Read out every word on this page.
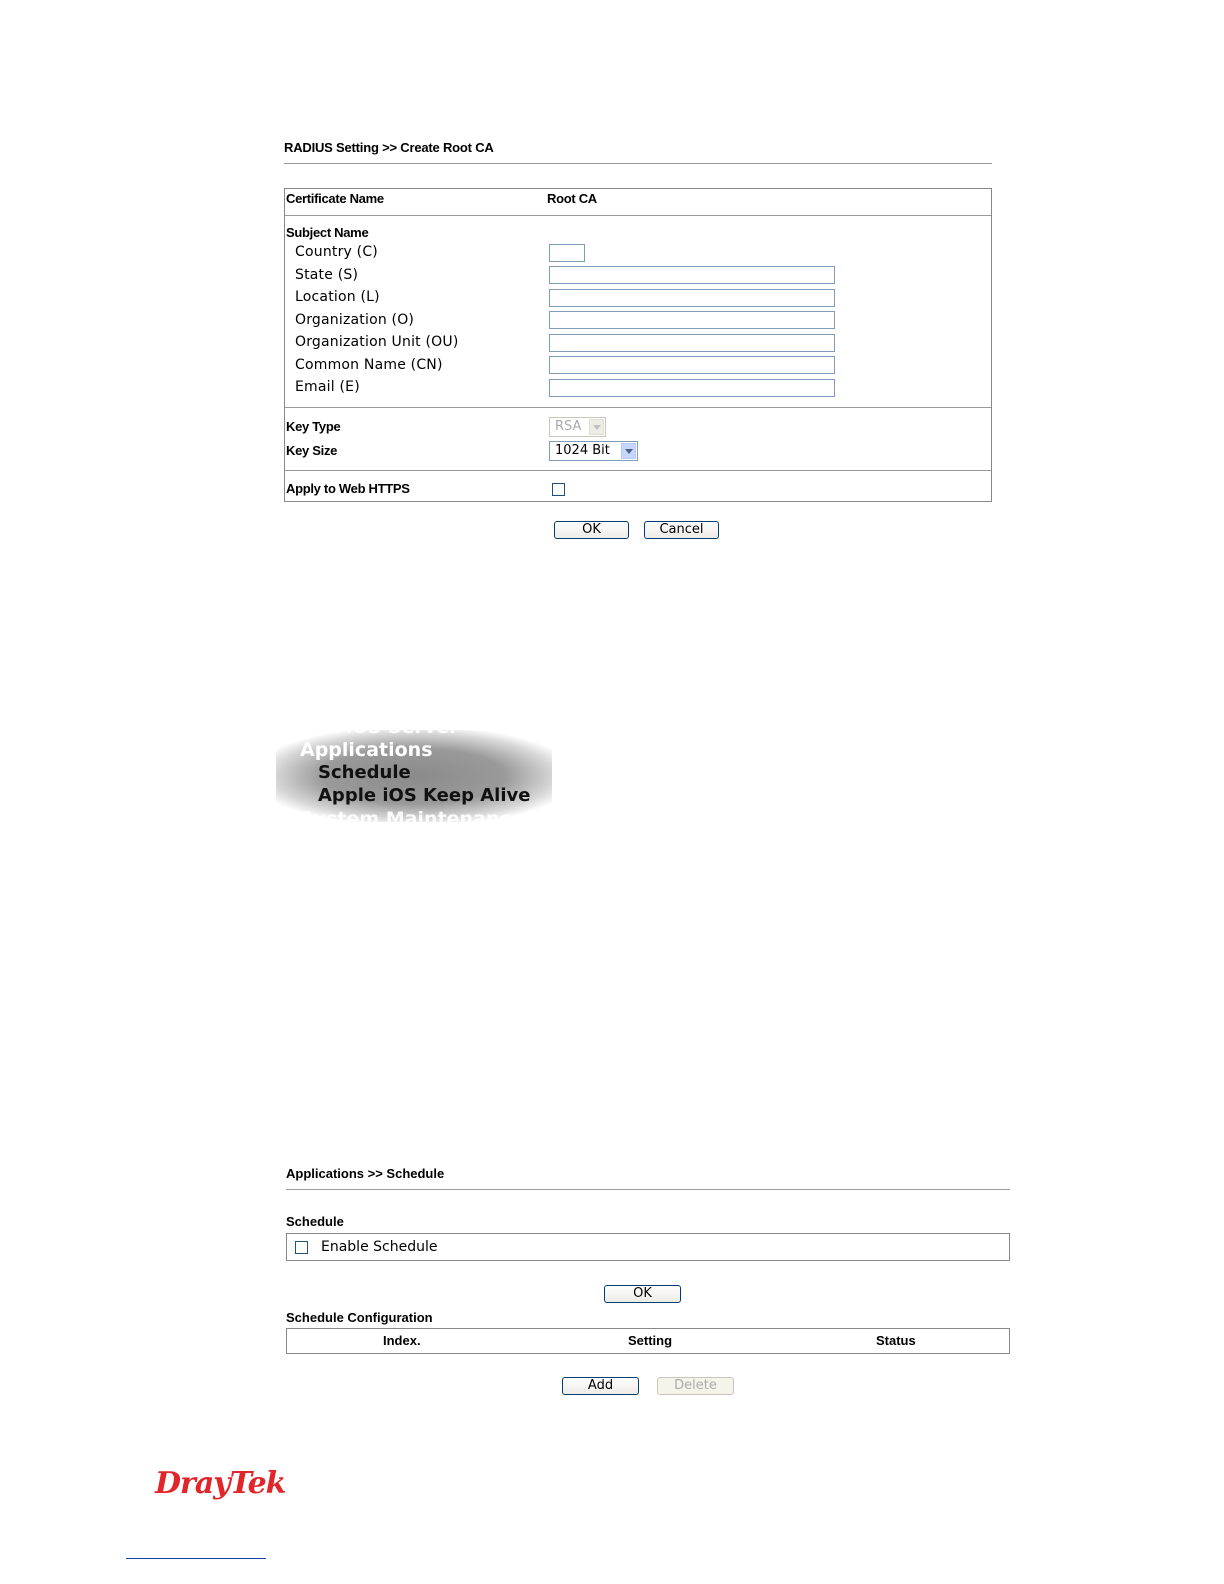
RADIUS Setting >> Create Root CA
Certificate Name	Root CA
Subject Name
Country (C)
State (S)
Location (L)
Organization (O)
Organization Unit (OU)
Common Name (CN)
Email (E)
Key Type	RSA
Key Size	1024 Bit
Apply to Web HTTPS
OK	Cancel
RADIUS Server
Applications
Schedule
Apple iOS Keep Alive
System Maintenance
Applications >> Schedule
Schedule
Enable Schedule
OK
Schedule Configuration
Index.	Setting	Status
Add	Delete
DrayTek
